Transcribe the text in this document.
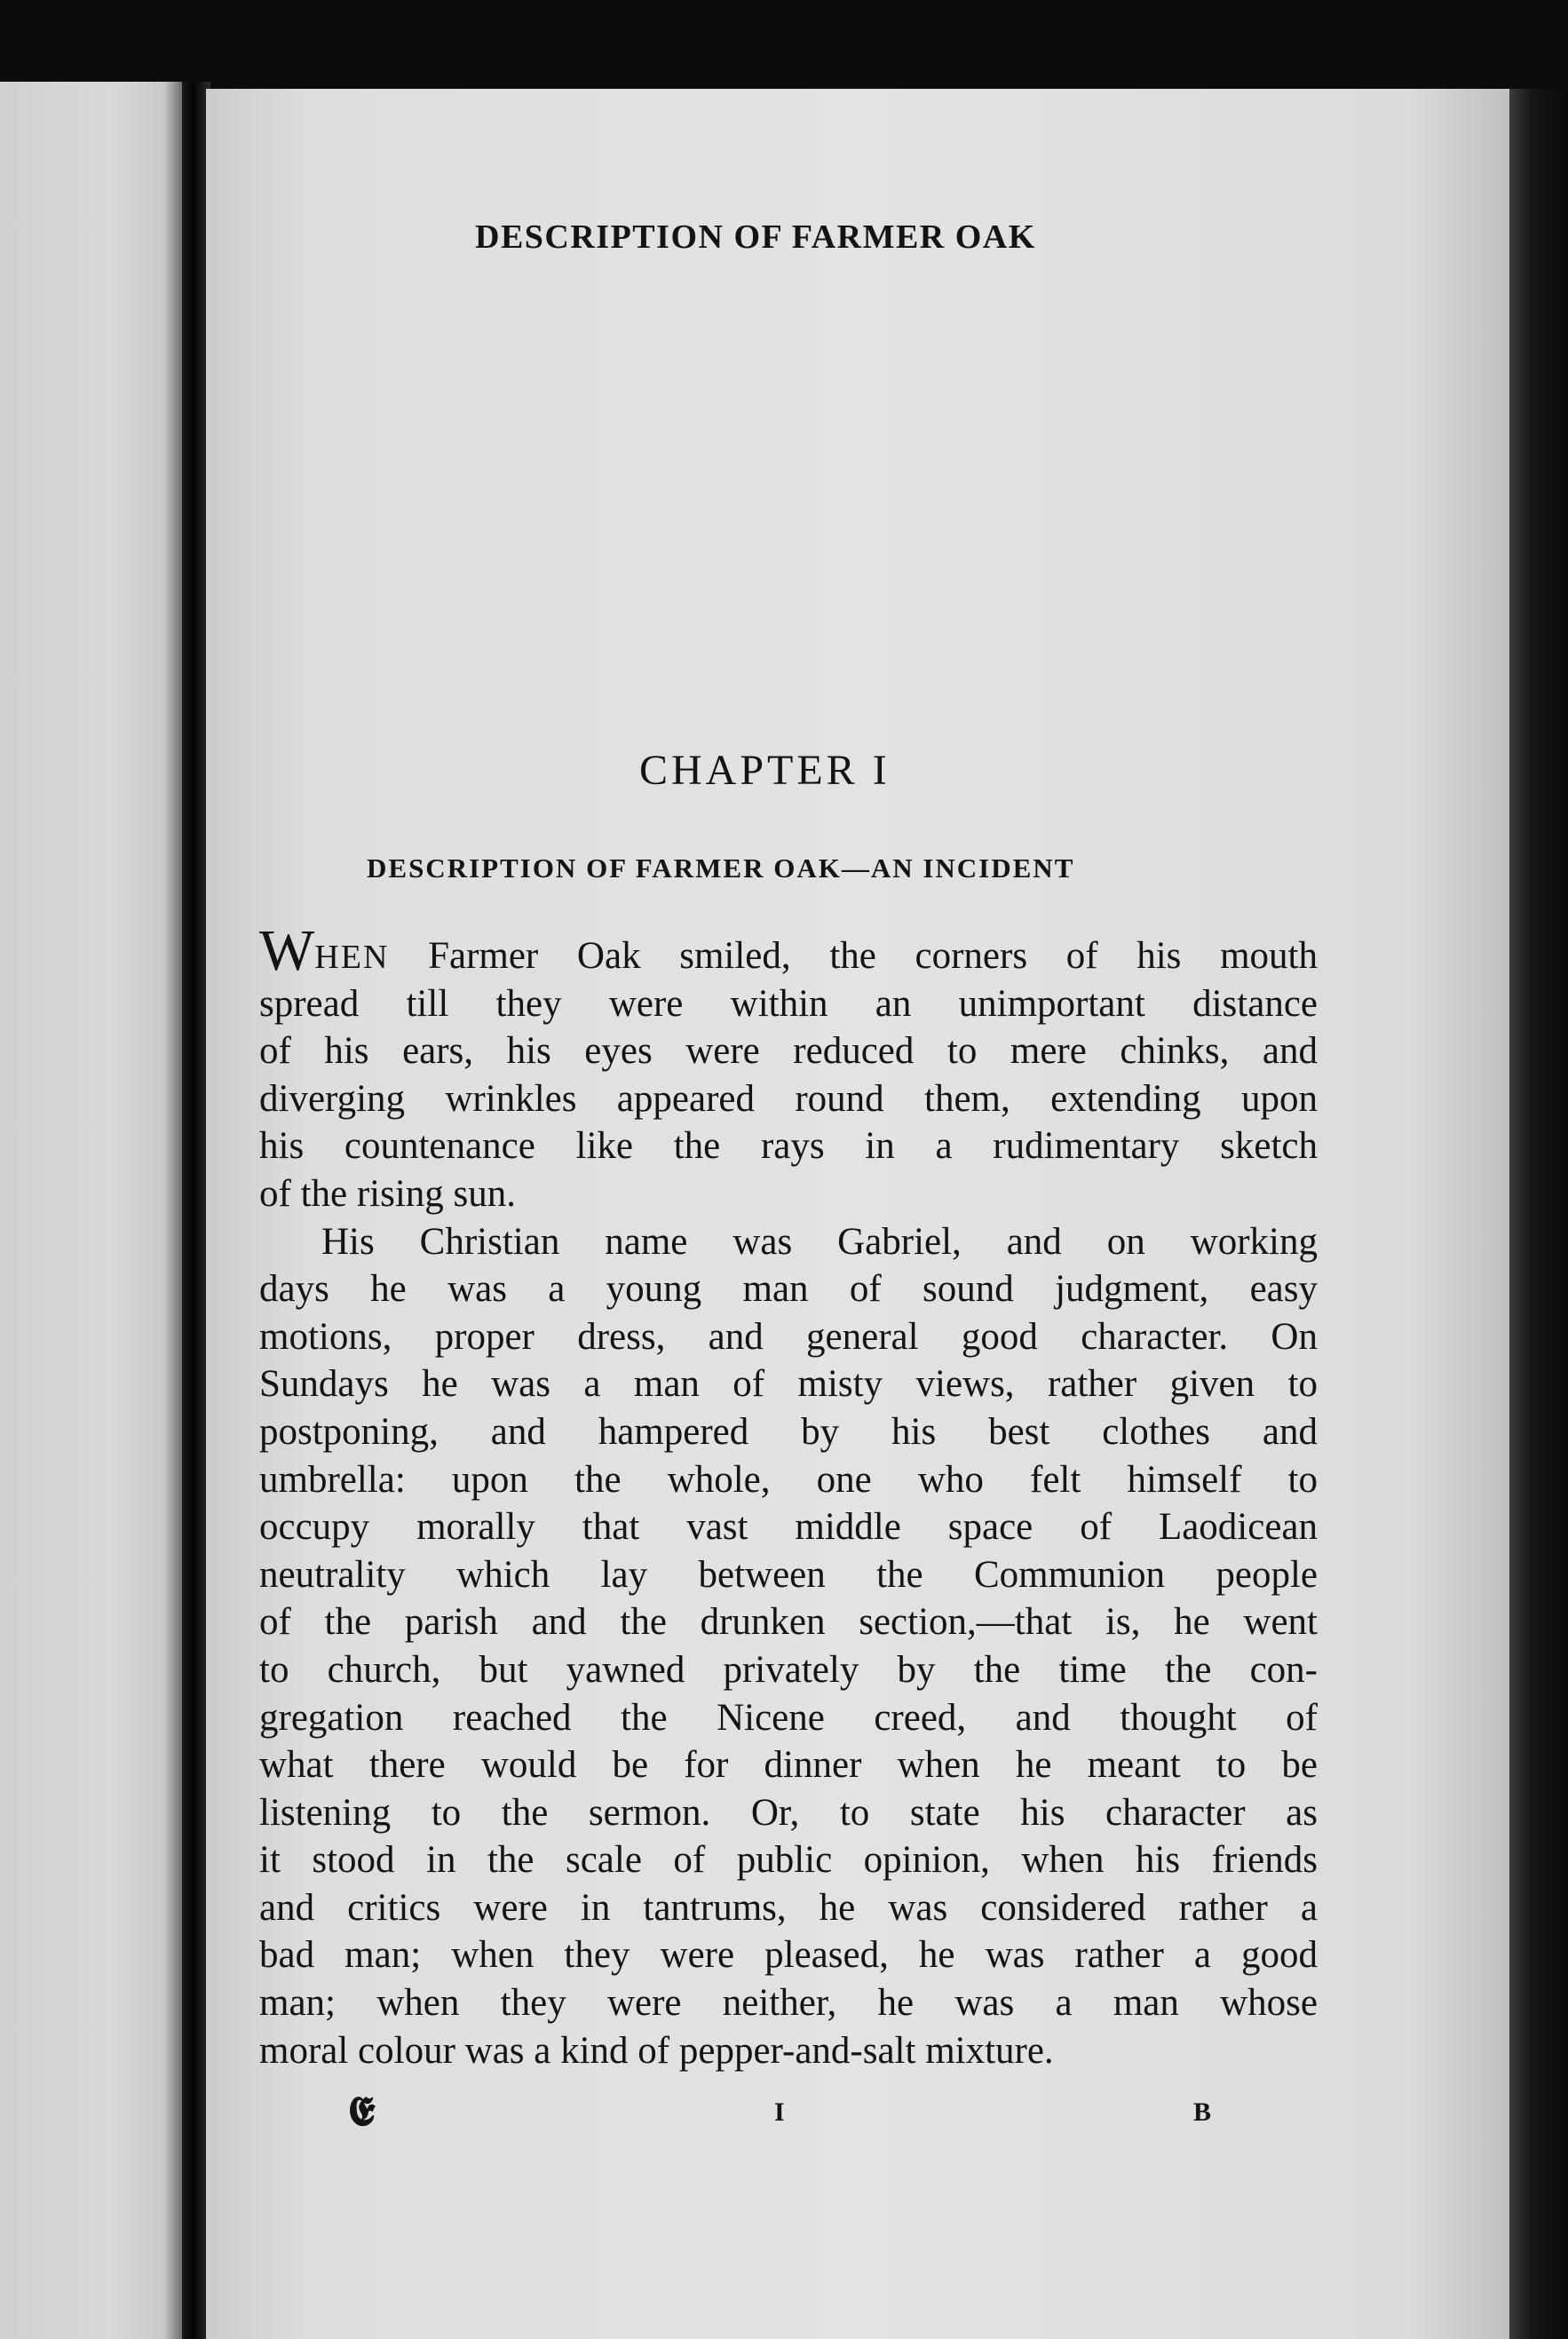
DESCRIPTION OF FARMER OAK
CHAPTER I
DESCRIPTION OF FARMER OAK—AN INCIDENT
WHEN Farmer Oak smiled, the corners of his mouth
spread till they were within an unimportant distance
of his ears, his eyes were reduced to mere chinks, and
diverging wrinkles appeared round them, extending upon
his countenance like the rays in a rudimentary sketch
of the rising sun.
His Christian name was Gabriel, and on working
days he was a young man of sound judgment, easy
motions, proper dress, and general good character. On
Sundays he was a man of misty views, rather given to
postponing, and hampered by his best clothes and
umbrella: upon the whole, one who felt himself to
occupy morally that vast middle space of Laodicean
neutrality which lay between the Communion people
of the parish and the drunken section,—that is, he went
to church, but yawned privately by the time the con-
gregation reached the Nicene creed, and thought of
what there would be for dinner when he meant to be
listening to the sermon. Or, to state his character as
it stood in the scale of public opinion, when his friends
and critics were in tantrums, he was considered rather a
bad man; when they were pleased, he was rather a good
man; when they were neither, he was a man whose
moral colour was a kind of pepper-and-salt mixture.
𝕰	I	B
